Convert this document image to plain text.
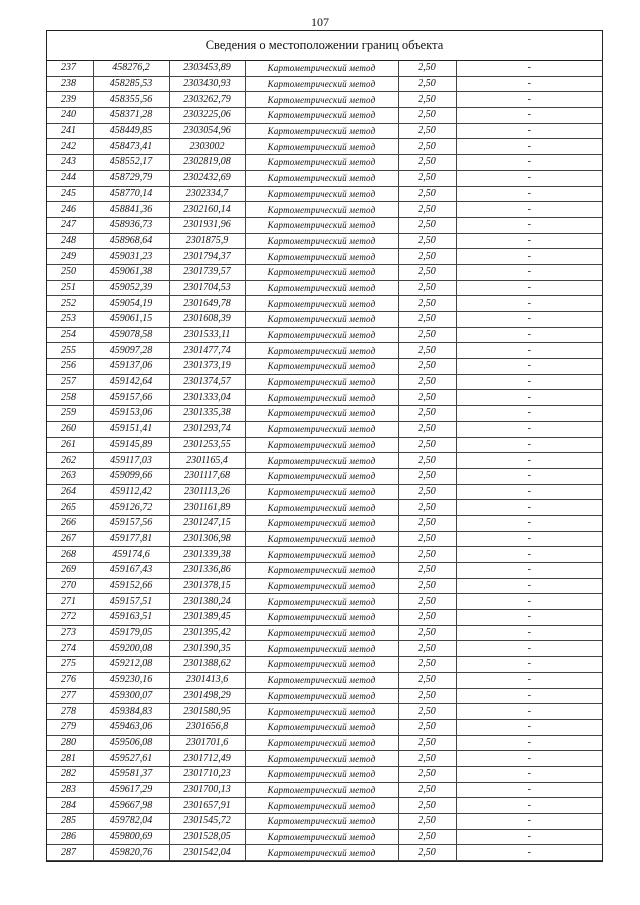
107
Сведения о местоположении границ объекта
237	458276,2	2303453,89	Картометрический метод	2,50	-
238	458285,53	2303430,93	Картометрический метод	2,50	-
239	458355,56	2303262,79	Картометрический метод	2,50	-
240	458371,28	2303225,06	Картометрический метод	2,50	-
241	458449,85	2303054,96	Картометрический метод	2,50	-
242	458473,41	2303002	Картометрический метод	2,50	-
243	458552,17	2302819,08	Картометрический метод	2,50	-
244	458729,79	2302432,69	Картометрический метод	2,50	-
245	458770,14	2302334,7	Картометрический метод	2,50	-
246	458841,36	2302160,14	Картометрический метод	2,50	-
247	458936,73	2301931,96	Картометрический метод	2,50	-
248	458968,64	2301875,9	Картометрический метод	2,50	-
249	459031,23	2301794,37	Картометрический метод	2,50	-
250	459061,38	2301739,57	Картометрический метод	2,50	-
251	459052,39	2301704,53	Картометрический метод	2,50	-
252	459054,19	2301649,78	Картометрический метод	2,50	-
253	459061,15	2301608,39	Картометрический метод	2,50	-
254	459078,58	2301533,11	Картометрический метод	2,50	-
255	459097,28	2301477,74	Картометрический метод	2,50	-
256	459137,06	2301373,19	Картометрический метод	2,50	-
257	459142,64	2301374,57	Картометрический метод	2,50	-
258	459157,66	2301333,04	Картометрический метод	2,50	-
259	459153,06	2301335,38	Картометрический метод	2,50	-
260	459151,41	2301293,74	Картометрический метод	2,50	-
261	459145,89	2301253,55	Картометрический метод	2,50	-
262	459117,03	2301165,4	Картометрический метод	2,50	-
263	459099,66	2301117,68	Картометрический метод	2,50	-
264	459112,42	2301113,26	Картометрический метод	2,50	-
265	459126,72	2301161,89	Картометрический метод	2,50	-
266	459157,56	2301247,15	Картометрический метод	2,50	-
267	459177,81	2301306,98	Картометрический метод	2,50	-
268	459174,6	2301339,38	Картометрический метод	2,50	-
269	459167,43	2301336,86	Картометрический метод	2,50	-
270	459152,66	2301378,15	Картометрический метод	2,50	-
271	459157,51	2301380,24	Картометрический метод	2,50	-
272	459163,51	2301389,45	Картометрический метод	2,50	-
273	459179,05	2301395,42	Картометрический метод	2,50	-
274	459200,08	2301390,35	Картометрический метод	2,50	-
275	459212,08	2301388,62	Картометрический метод	2,50	-
276	459230,16	2301413,6	Картометрический метод	2,50	-
277	459300,07	2301498,29	Картометрический метод	2,50	-
278	459384,83	2301580,95	Картометрический метод	2,50	-
279	459463,06	2301656,8	Картометрический метод	2,50	-
280	459506,08	2301701,6	Картометрический метод	2,50	-
281	459527,61	2301712,49	Картометрический метод	2,50	-
282	459581,37	2301710,23	Картометрический метод	2,50	-
283	459617,29	2301700,13	Картометрический метод	2,50	-
284	459667,98	2301657,91	Картометрический метод	2,50	-
285	459782,04	2301545,72	Картометрический метод	2,50	-
286	459800,69	2301528,05	Картометрический метод	2,50	-
287	459820,76	2301542,04	Картометрический метод	2,50	-
